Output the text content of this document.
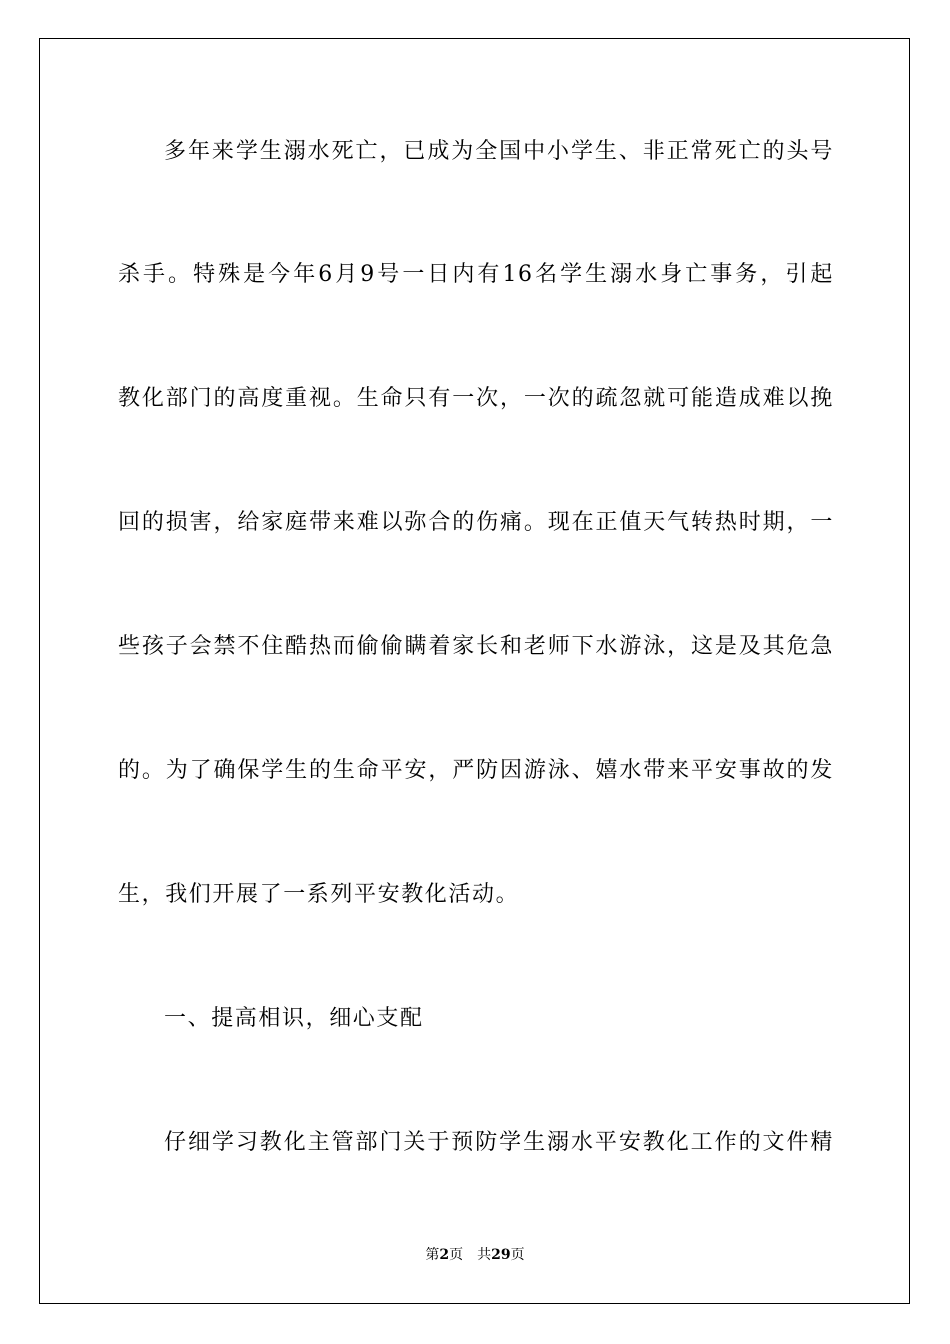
多年来学生溺水死亡，已成为全国中小学生、非正常死亡的头号
杀手。特殊是今年6月9号一日内有16名学生溺水身亡事务，引起
教化部门的高度重视。生命只有一次，一次的疏忽就可能造成难以挽
回的损害，给家庭带来难以弥合的伤痛。现在正值天气转热时期，一
些孩子会禁不住酷热而偷偷瞒着家长和老师下水游泳，这是及其危急
的。为了确保学生的生命平安，严防因游泳、嬉水带来平安事故的发
生，我们开展了一系列平安教化活动。
一、提高相识，细心支配
仔细学习教化主管部门关于预防学生溺水平安教化工作的文件精
第2页 共29页
